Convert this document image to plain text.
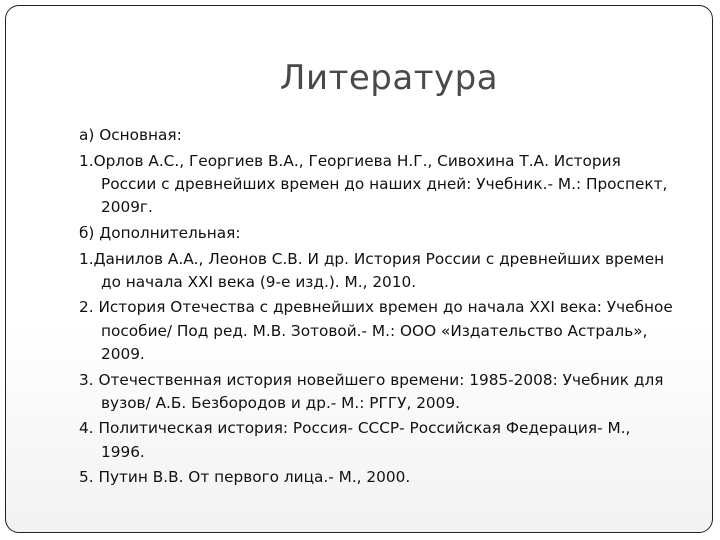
Литература

а) Основная:

1.Орлов А.С., Георгиев В.А., Георгиева Н.Г., Сивохина Т.А. История России с древнейших времен до наших дней: Учебник.- М.: Проспект, 2009г.

б) Дополнительная:

1.Данилов А.А., Леонов С.В. И др. История России с древнейших времен до начала XXI века (9-е изд.). М., 2010.

2. История Отечества с древнейших времен до начала XXI века: Учебное пособие/ Под ред. М.В. Зотовой.- М.: ООО «Издательство Астраль», 2009.

3. Отечественная история новейшего времени: 1985-2008: Учебник для вузов/ А.Б. Безбородов и др.- М.: РГГУ, 2009.

4. Политическая история: Россия- СССР- Российская Федерация- М., 1996.

5. Путин В.В. От первого лица.- М., 2000.
